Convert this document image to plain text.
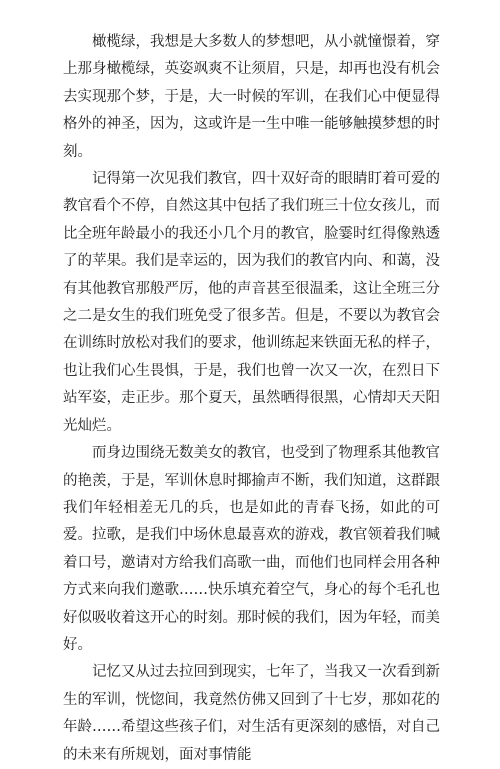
橄榄绿，我想是大多数人的梦想吧，从小就憧憬着，穿上那身橄榄绿，英姿飒爽不让须眉，只是，却再也没有机会去实现那个梦，于是，大一时候的军训，在我们心中便显得格外的神圣，因为，这或许是一生中唯一能够触摸梦想的时刻。

记得第一次见我们教官，四十双好奇的眼睛盯着可爱的教官看个不停，自然这其中包括了我们班三十位女孩儿，而比全班年龄最小的我还小几个月的教官，脸霎时红得像熟透了的苹果。我们是幸运的，因为我们的教官内向、和蔼，没有其他教官那般严厉，他的声音甚至很温柔，这让全班三分之二是女生的我们班免受了很多苦。但是，不要以为教官会在训练时放松对我们的要求，他训练起来铁面无私的样子，也让我们心生畏惧，于是，我们也曾一次又一次，在烈日下站军姿，走正步。那个夏天，虽然晒得很黑，心情却天天阳光灿烂。

而身边围绕无数美女的教官，也受到了物理系其他教官的艳羡，于是，军训休息时揶揄声不断，我们知道，这群跟我们年轻相差无几的兵，也是如此的青春飞扬，如此的可爱。拉歌，是我们中场休息最喜欢的游戏，教官领着我们喊着口号，邀请对方给我们高歌一曲，而他们也同样会用各种方式来向我们邀歌……快乐填充着空气，身心的每个毛孔也好似吸收着这开心的时刻。那时候的我们，因为年轻，而美好。

记忆又从过去拉回到现实，七年了，当我又一次看到新生的军训，恍惚间，我竟然仿佛又回到了十七岁，那如花的年龄……希望这些孩子们，对生活有更深刻的感悟，对自己的未来有所规划，面对事情能
